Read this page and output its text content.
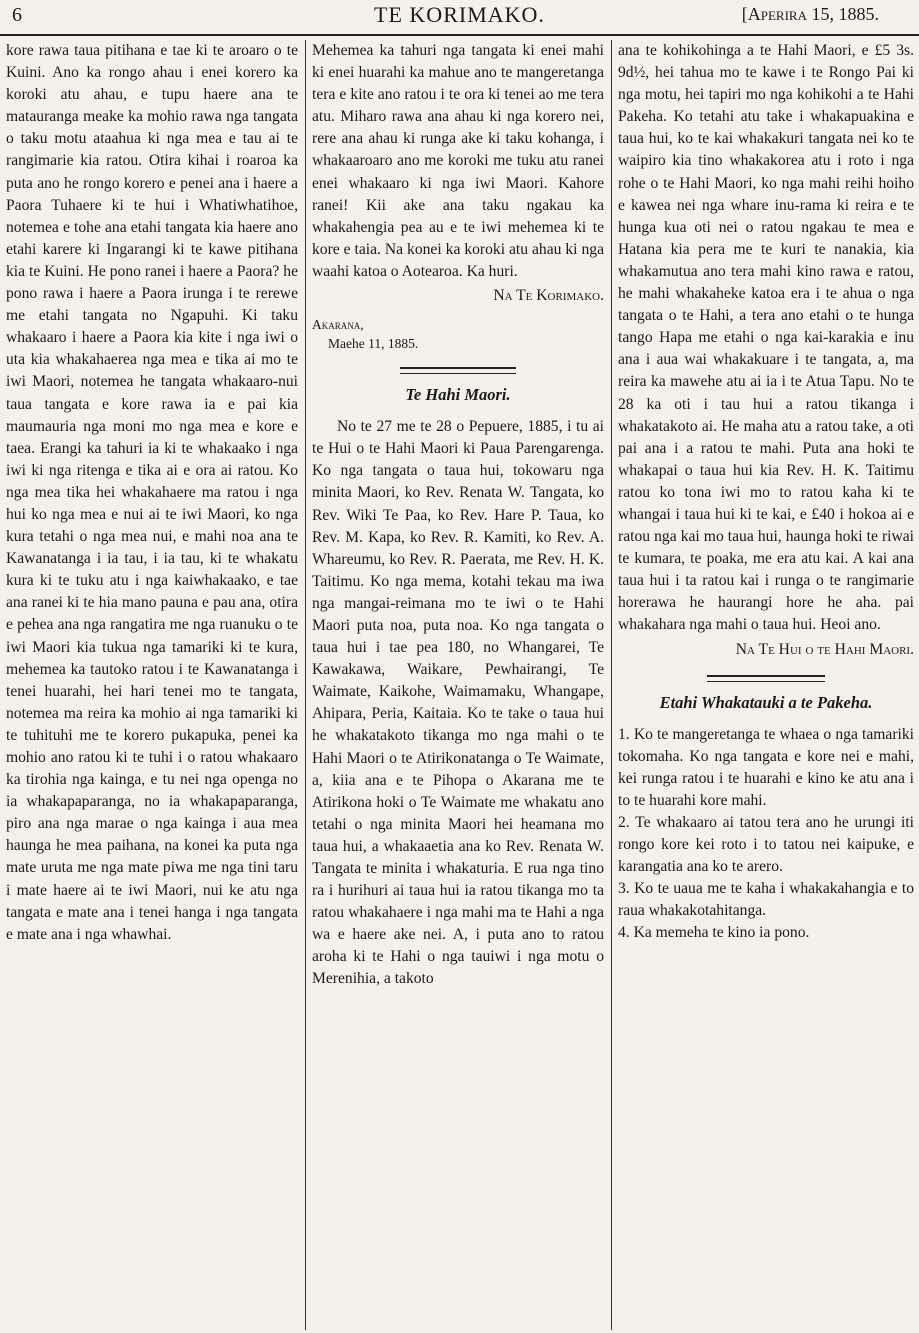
6	TE KORIMAKO.	[Aperira 15, 1885.

kore rawa taua pitihana e tae ki te aroaro o te Kuini. Ano ka rongo ahau i enei korero ka koroki atu ahau, e tupu haere ana te matauranga meake ka mohio rawa nga tangata o taku motu ataahua ki nga mea e tau ai te rangimarie kia ratou. Otira kihai i roaroa ka puta ano he rongo korero e penei ana i haere a Paora Tuhaere ki te hui i Whatiwhatihoe, notemea e tohe ana etahi tangata kia haere ano etahi karere ki Ingarangi ki te kawe pitihana kia te Kuini. He pono ranei i haere a Paora? he pono rawa i haere a Paora irunga i te rerewe me etahi tangata no Ngapuhi. Ki taku whakaaro i haere a Paora kia kite i nga iwi o uta kia whakahaerea nga mea e tika ai mo te iwi Maori, notemea he tangata whakaaro-nui taua tangata e kore rawa ia e pai kia maumauria nga moni mo nga mea e kore e taea. Erangi ka tahuri ia ki te whakaako i nga iwi ki nga ritenga e tika ai e ora ai ratou. Ko nga mea tika hei whakahaere ma ratou i nga hui ko nga mea e nui ai te iwi Maori, ko nga kura tetahi o nga mea nui, e mahi noa ana te Kawanatanga i ia tau, i ia tau, ki te whakatu kura ki te tuku atu i nga kaiwhakaako, e tae ana ranei ki te hia mano pauna e pau ana, otira e pehea ana nga rangatira me nga ruanuku o te iwi Maori kia tukua nga tamariki ki te kura, mehemea ka tautoko ratou i te Kawanatanga i tenei huarahi, hei hari tenei mo te tangata, notemea ma reira ka mohio ai nga tamariki ki te tuhituhi me te korero pukapuka, penei ka mohio ano ratou ki te tuhi i o ratou whakaaro ka tirohia nga kainga, e tu nei nga openga no ia whakapaparanga, no ia whakapaparanga, piro ana nga marae o nga kainga i aua mea haunga he mea paihana, na konei ka puta nga mate uruta me nga mate piwa me nga tini taru i mate haere ai te iwi Maori, nui ke atu nga tangata e mate ana i tenei hanga i nga tangata e mate ana i nga whawhai.

Mehemea ka tahuri nga tangata ki enei mahi ki enei huarahi ka mahue ano te mangeretanga tera e kite ano ratou i te ora ki tenei ao me tera atu. Miharo rawa ana ahau ki nga korero nei, rere ana ahau ki runga ake ki taku kohanga, i whakaaroaro ano me koroki me tuku atu ranei enei whakaaro ki nga iwi Maori. Kahore ranei! Kii ake ana taku ngakau ka whakahengia pea au e te iwi mehemea ki te kore e taia. Na konei ka koroki atu ahau ki nga waahi katoa o Aotearoa. Ka huri.

Na Te Korimako.

Akarana,
Maehe 11, 1885.
Te Hahi Maori.

No te 27 me te 28 o Pepuere, 1885, i tu ai te Hui o te Hahi Maori ki Paua Parengarenga. Ko nga tangata o taua hui, tokowaru nga minita Maori, ko Rev. Renata W. Tangata, ko Rev. Wiki Te Paa, ko Rev. Hare P. Taua, ko Rev. M. Kapa, ko Rev. R. Kamiti, ko Rev. A. Whareumu, ko Rev. R. Paerata, me Rev. H. K. Taitimu. Ko nga mema, kotahi tekau ma iwa nga mangai-reimana mo te iwi o te Hahi Maori puta noa, puta noa. Ko nga tangata o taua hui i tae pea 180, no Whangarei, Te Kawakawa, Waikare, Pewhairangi, Te Waimate, Kaikohe, Waimamaku, Whangape, Ahipara, Peria, Kaitaia. Ko te take o taua hui he whakatakoto tikanga mo nga mahi o te Hahi Maori o te Atirikonatanga o Te Waimate, a, kiia ana e te Pihopa o Akarana me te Atirikona hoki o Te Waimate me whakatu ano tetahi o nga minita Maori hei heamana mo taua hui, a whakaaetia ana ko Rev. Renata W. Tangata te minita i whakaturia. E rua nga tino ra i hurihuri ai taua hui ia ratou tikanga mo ta ratou whakahaere i nga mahi ma te Hahi a nga wa e haere ake nei. A, i puta ano to ratou aroha ki te Hahi o nga tauiwi i nga motu o Merenihia, a takoto

ana te kohikohinga a te Hahi Maori, e £5 3s. 9d½, hei tahua mo te kawe i te Rongo Pai ki nga motu, hei tapiri mo nga kohikohi a te Hahi Pakeha. Ko tetahi atu take i whakapuakina e taua hui, ko te kai whakakuri tangata nei ko te waipiro kia tino whakakorea atu i roto i nga rohe o te Hahi Maori, ko nga mahi reihi hoiho e kawea nei nga whare inu-rama ki reira e te hunga kua oti nei o ratou ngakau te mea e Hatana kia pera me te kuri te nanakia, kia whakamutua ano tera mahi kino rawa e ratou, he mahi whakaheke katoa era i te ahua o nga tangata o te Hahi, a tera ano etahi o te hunga tango Hapa me etahi o nga kai-karakia e inu ana i aua wai whakakuare i te tangata, a, ma reira ka mawehe atu ai ia i te Atua Tapu. No te 28 ka oti i tau hui a ratou tikanga i whakatakoto ai. He maha atu a ratou take, a oti pai ana i a ratou te mahi. Puta ana hoki te whakapai o taua hui kia Rev. H. K. Taitimu ratou ko tona iwi mo to ratou kaha ki te whangai i taua hui ki te kai, e £40 i hokoa ai e ratou nga kai mo taua hui, haunga hoki te riwai te kumara, te poaka, me era atu kai. A kai ana taua hui i ta ratou kai i runga o te rangimarie horerawa he haurangi hore he aha. pai whakahara nga mahi o taua hui. Heoi ano.

Na Te Hui o te Hahi Maori.

Etahi Whakatauki a te Pakeha.

1. Ko te mangeretanga te whaea o nga tamariki tokomaha. Ko nga tangata e kore nei e mahi, kei runga ratou i te huarahi e kino ke atu ana i to te huarahi kore mahi.

2. Te whakaaro ai tatou tera ano he urungi iti rongo kore kei roto i to tatou nei kaipuke, e karangatia ana ko te arero.

3. Ko te uaua me te kaha i whakakahangia e to raua whakakotahitanga.

4. Ka memeha te kino ia pono.
